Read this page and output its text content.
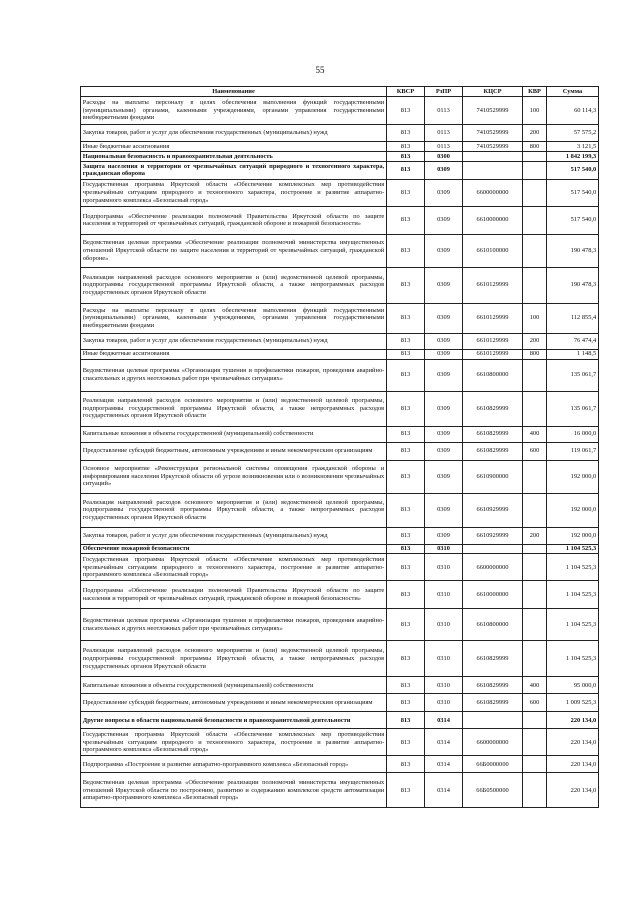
55
Наименование	КВСР	РзПР	КЦСР	КВР	Сумма
Расходы на выплаты персоналу в целях обеспечения выполнения функций государственными (муниципальными) органами, казенными учреждениями, органами управления государственными внебюджетными фондами	813	0113	7410529999	100	60 114,3
Закупка товаров, работ и услуг для обеспечения государственных (муниципальных) нужд	813	0113	7410529999	200	57 575,2
Иные бюджетные ассигнования	813	0113	7410529999	800	3 121,5
Национальная безопасность и правоохранительная деятельность	813	0300			1 842 199,3
Защита населения и территории от чрезвычайных ситуаций природного и техногенного характера, гражданская оборона	813	0309			517 540,0
Государственная программа Иркутской области «Обеспечение комплексных мер противодействия чрезвычайным ситуациям природного и техногенного характера, построение и развитие аппаратно-программного комплекса «Безопасный город»	813	0309	6600000000		517 540,0
Подпрограмма «Обеспечение реализации полномочий Правительства Иркутской области по защите населения и территорий от чрезвычайных ситуаций, гражданской обороне и пожарной безопасности»	813	0309	6610000000		517 540,0
Ведомственная целевая программа «Обеспечение реализации полномочий министерства имущественных отношений Иркутской области по защите населения и территорий от чрезвычайных ситуаций, гражданской обороне»	813	0309	6610100000		190 478,3
Реализация направлений расходов основного мероприятия и (или) ведомственной целевой программы, подпрограммы государственной программы Иркутской области, а также непрограммных расходов государственных органов Иркутской области	813	0309	6610129999		190 478,3
Расходы на выплаты персоналу в целях обеспечения выполнения функций государственными (муниципальными) органами, казенными учреждениями, органами управления государственными внебюджетными фондами	813	0309	6610129999	100	112 855,4
Закупка товаров, работ и услуг для обеспечения государственных (муниципальных) нужд	813	0309	6610129999	200	76 474,4
Иные бюджетные ассигнования	813	0309	6610129999	800	1 148,5
Ведомственная целевая программа «Организация тушения и профилактики пожаров, проведения аварийно-спасательных и других неотложных работ при чрезвычайных ситуациях»	813	0309	6610800000		135 061,7
Реализация направлений расходов основного мероприятия и (или) ведомственной целевой программы, подпрограммы государственной программы Иркутской области, а также непрограммных расходов государственных органов Иркутской области	813	0309	6610829999		135 061,7
Капитальные вложения в объекты государственной (муниципальной) собственности	813	0309	6610829999	400	16 000,0
Предоставление субсидий бюджетным, автономным учреждениям и иным некоммерческим организациям	813	0309	6610829999	600	119 061,7
Основное мероприятие «Реконструкция региональной системы оповещения гражданской обороны и информирования населения Иркутской области об угрозе возникновения или о возникновении чрезвычайных ситуаций»	813	0309	6610900000		192 000,0
Реализация направлений расходов основного мероприятия и (или) ведомственной целевой программы, подпрограммы государственной программы Иркутской области, а также непрограммных расходов государственных органов Иркутской области	813	0309	6610929999		192 000,0
Закупка товаров, работ и услуг для обеспечения государственных (муниципальных) нужд	813	0309	6610929999	200	192 000,0
Обеспечение пожарной безопасности	813	0310			1 104 525,3
Государственная программа Иркутской области «Обеспечение комплексных мер противодействия чрезвычайным ситуациям природного и техногенного характера, построение и развитие аппаратно-программного комплекса «Безопасный город»	813	0310	6600000000		1 104 525,3
Подпрограмма «Обеспечение реализации полномочий Правительства Иркутской области по защите населения и территорий от чрезвычайных ситуаций, гражданской обороне и пожарной безопасности»	813	0310	6610000000		1 104 525,3
Ведомственная целевая программа «Организация тушения и профилактики пожаров, проведения аварийно-спасательных и других неотложных работ при чрезвычайных ситуациях»	813	0310	6610800000		1 104 525,3
Реализация направлений расходов основного мероприятия и (или) ведомственной целевой программы, подпрограммы государственной программы Иркутской области, а также непрограммных расходов государственных органов Иркутской области	813	0310	6610829999		1 104 525,3
Капитальные вложения в объекты государственной (муниципальной) собственности	813	0310	6610829999	400	95 000,0
Предоставление субсидий бюджетным, автономным учреждениям и иным некоммерческим организациям	813	0310	6610829999	600	1 009 525,3
Другие вопросы в области национальной безопасности и правоохранительной деятельности	813	0314			220 134,0
Государственная программа Иркутской области «Обеспечение комплексных мер противодействия чрезвычайным ситуациям природного и техногенного характера, построение и развитие аппаратно-программного комплекса «Безопасный город»	813	0314	6600000000		220 134,0
Подпрограмма «Построение и развитие аппаратно-программного комплекса «Безопасный город»	813	0314	66Б0000000		220 134,0
Ведомственная целевая программа «Обеспечение реализации полномочий министерства имущественных отношений Иркутской области по построению, развитию и содержанию комплексов средств автоматизации аппаратно-программного комплекса «Безопасный город»	813	0314	66Б0500000		220 134,0
